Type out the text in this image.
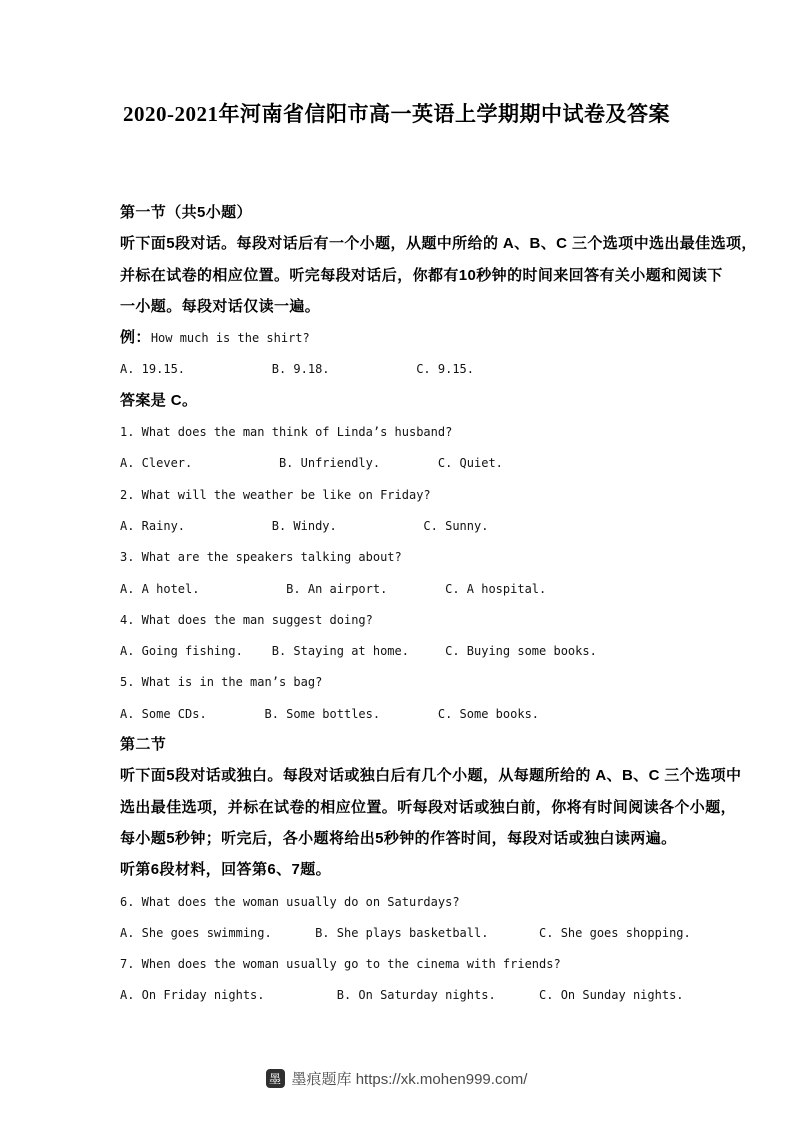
2020-2021年河南省信阳市高一英语上学期期中试卷及答案
第一节（共5小题）
听下面5段对话。每段对话后有一个小题，从题中所给的 A、B、C 三个选项中选出最佳选项，
并标在试卷的相应位置。听完每段对话后，你都有10秒钟的时间来回答有关小题和阅读下
一小题。每段对话仅读一遍。
例：How much is the shirt?
A. 19.15.            B. 9.18.            C. 9.15.
答案是 C。
1. What does the man think of Linda’s husband?
A. Clever.            B. Unfriendly.        C. Quiet.
2. What will the weather be like on Friday?
A. Rainy.            B. Windy.            C. Sunny.
3. What are the speakers talking about?
A. A hotel.            B. An airport.        C. A hospital.
4. What does the man suggest doing?
A. Going fishing.    B. Staying at home.     C. Buying some books.
5. What is in the man’s bag?
A. Some CDs.        B. Some bottles.        C. Some books.
第二节
听下面5段对话或独白。每段对话或独白后有几个小题，从每题所给的 A、B、C 三个选项中
选出最佳选项，并标在试卷的相应位置。听每段对话或独白前，你将有时间阅读各个小题，
每小题5秒钟；听完后，各小题将给出5秒钟的作答时间，每段对话或独白读两遍。
听第6段材料，回答第6、7题。
6. What does the woman usually do on Saturdays?
A. She goes swimming.      B. She plays basketball.       C. She goes shopping.
7. When does the woman usually go to the cinema with friends?
A. On Friday nights.          B. On Saturday nights.      C. On Sunday nights.
墨 墨痕题库 https://xk.mohen999.com/
